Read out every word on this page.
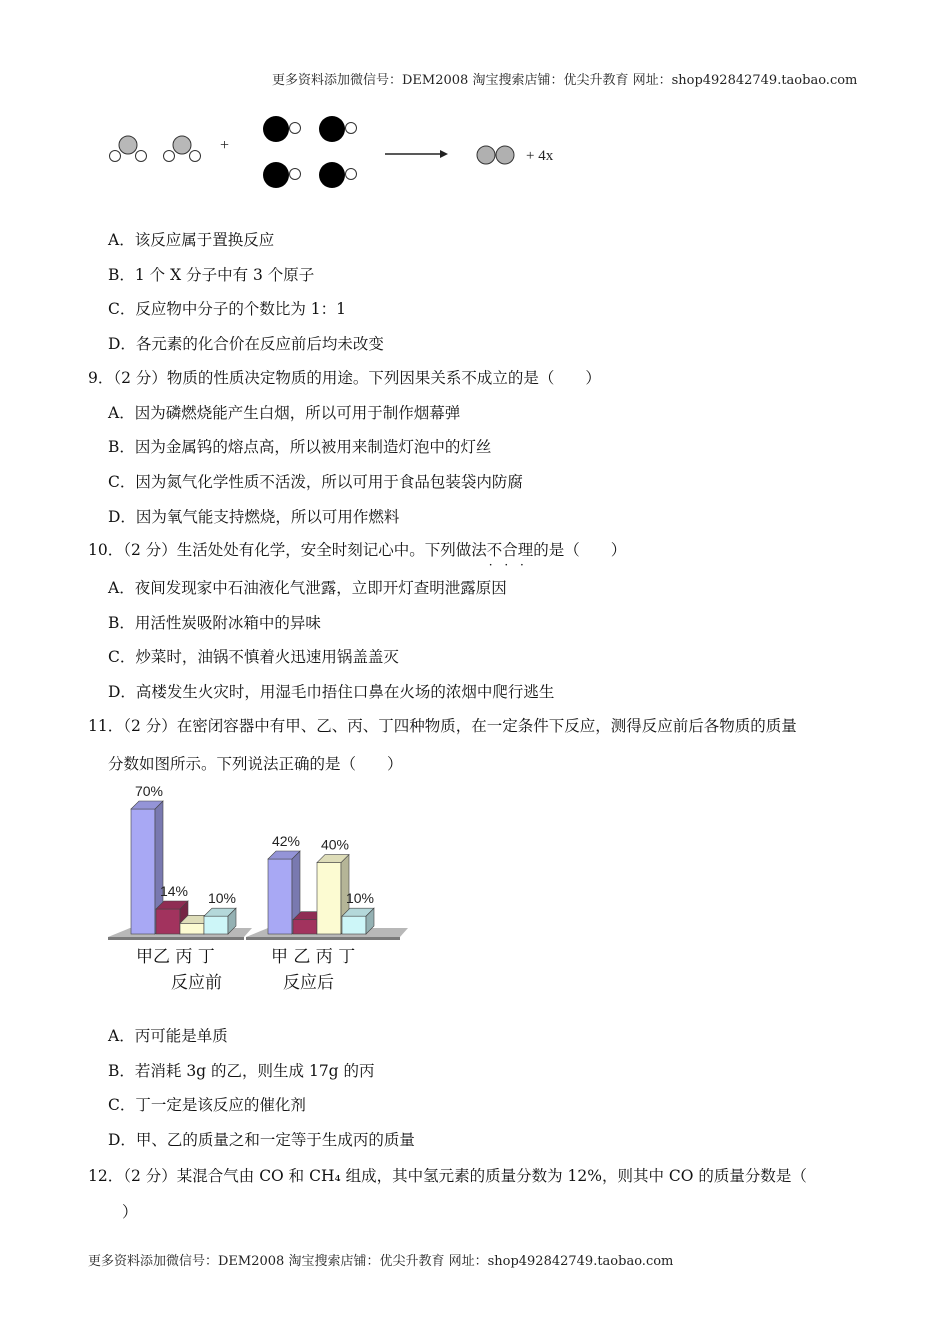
更多资料添加微信号：DEM2008 淘宝搜索店铺：优尖升教育 网址：shop492842749.taobao.com
+
+ 4x
A．该反应属于置换反应
B．1 个 X 分子中有 3 个原子
C．反应物中分子的个数比为 1：1
D．各元素的化合价在反应前后均未改变
9．（2 分）物质的性质决定物质的用途。下列因果关系不成立的是（　　）
A．因为磷燃烧能产生白烟，所以可用于制作烟幕弹
B．因为金属钨的熔点高，所以被用来制造灯泡中的灯丝
C．因为氮气化学性质不活泼，所以可用于食品包装袋内防腐
D．因为氧气能支持燃烧，所以可用作燃料
10．（2 分）生活处处有化学，安全时刻记心中。下列做法不合理 · · ·的是（　　）
A．夜间发现家中石油液化气泄露，立即开灯查明泄露原因
B．用活性炭吸附冰箱中的异味
C．炒菜时，油锅不慎着火迅速用锅盖盖灭
D．高楼发生火灾时，用湿毛巾捂住口鼻在火场的浓烟中爬行逃生
11．（2 分）在密闭容器中有甲、乙、丙、丁四种物质，在一定条件下反应，测得反应前后各物质的质量
分数如图所示。下列说法正确的是（　　）
70%
14% 10%
甲乙 丙 丁
反应前
42% 40%
10%
甲 乙 丙 丁
反应后
A．丙可能是单质
B．若消耗 3g 的乙，则生成 17g 的丙
C．丁一定是该反应的催化剂
D．甲、乙的质量之和一定等于生成丙的质量
12．（2 分）某混合气由 CO 和 CH₄ 组成，其中氢元素的质量分数为 12%，则其中 CO 的质量分数是（
）
更多资料添加微信号：DEM2008 淘宝搜索店铺：优尖升教育 网址：shop492842749.taobao.com
